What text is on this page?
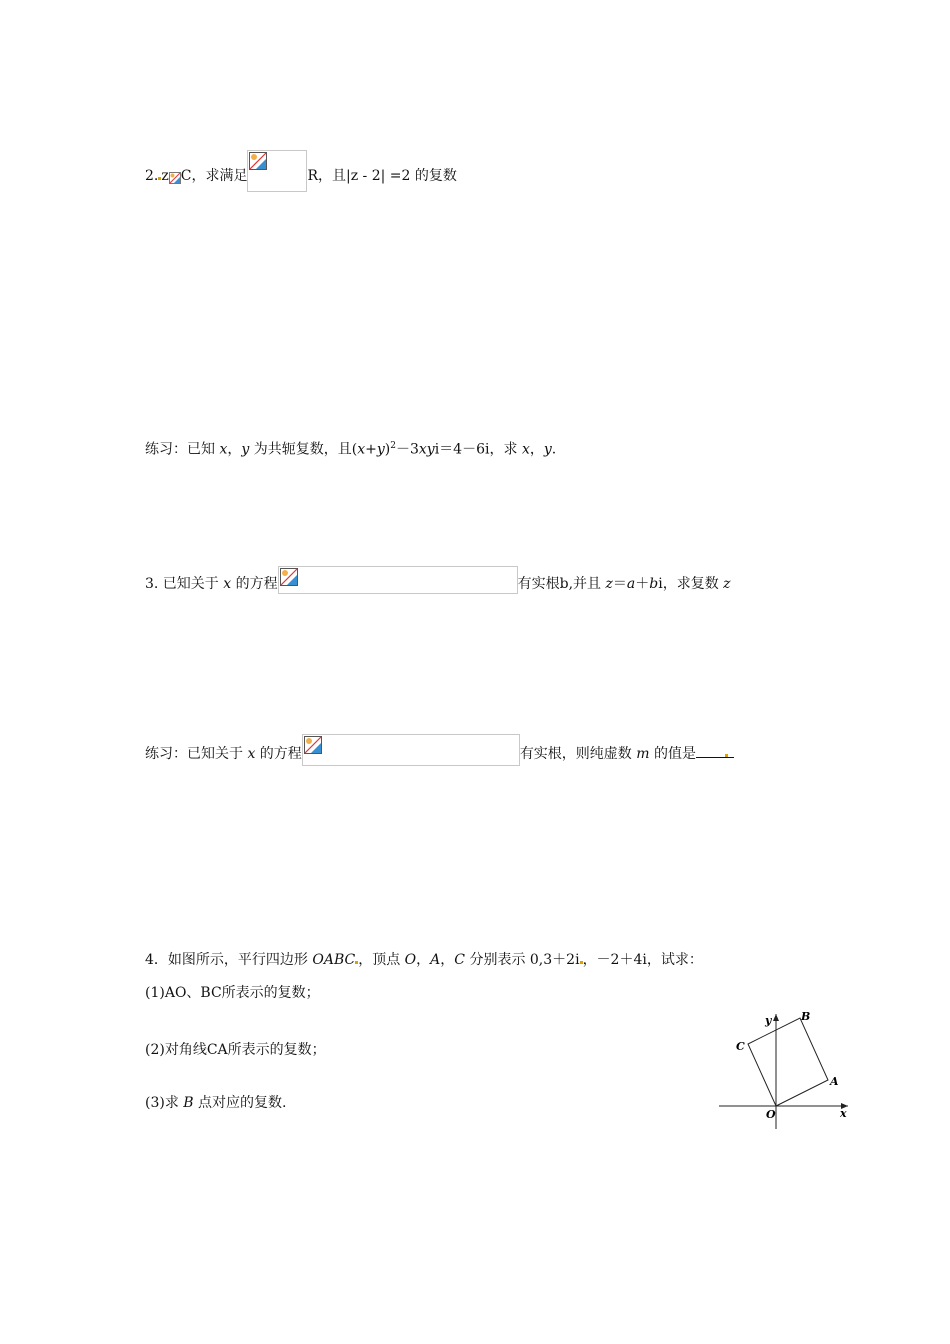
2. z C，求满足	R，且|z - 2| =2 的复数
练习：已知 x，y 为共轭复数，且$(x+y)^2-3xyi=4-6i$，求 x，y.
3. 已知关于 x 的方程	有实根b,并且 z＝a＋bi，求复数 z
练习：已知关于 x 的方程	有实根，则纯虚数 m 的值是
4．如图所示，平行四边形 OABC ，顶点 O，A，C 分别表示 0,3＋2i ，－2＋4i，试求：
(1)AO、BC所表示的复数；
(2)对角线CA所表示的复数；
(3)求 B 点对应的复数.
y
x
O
A
B
C
